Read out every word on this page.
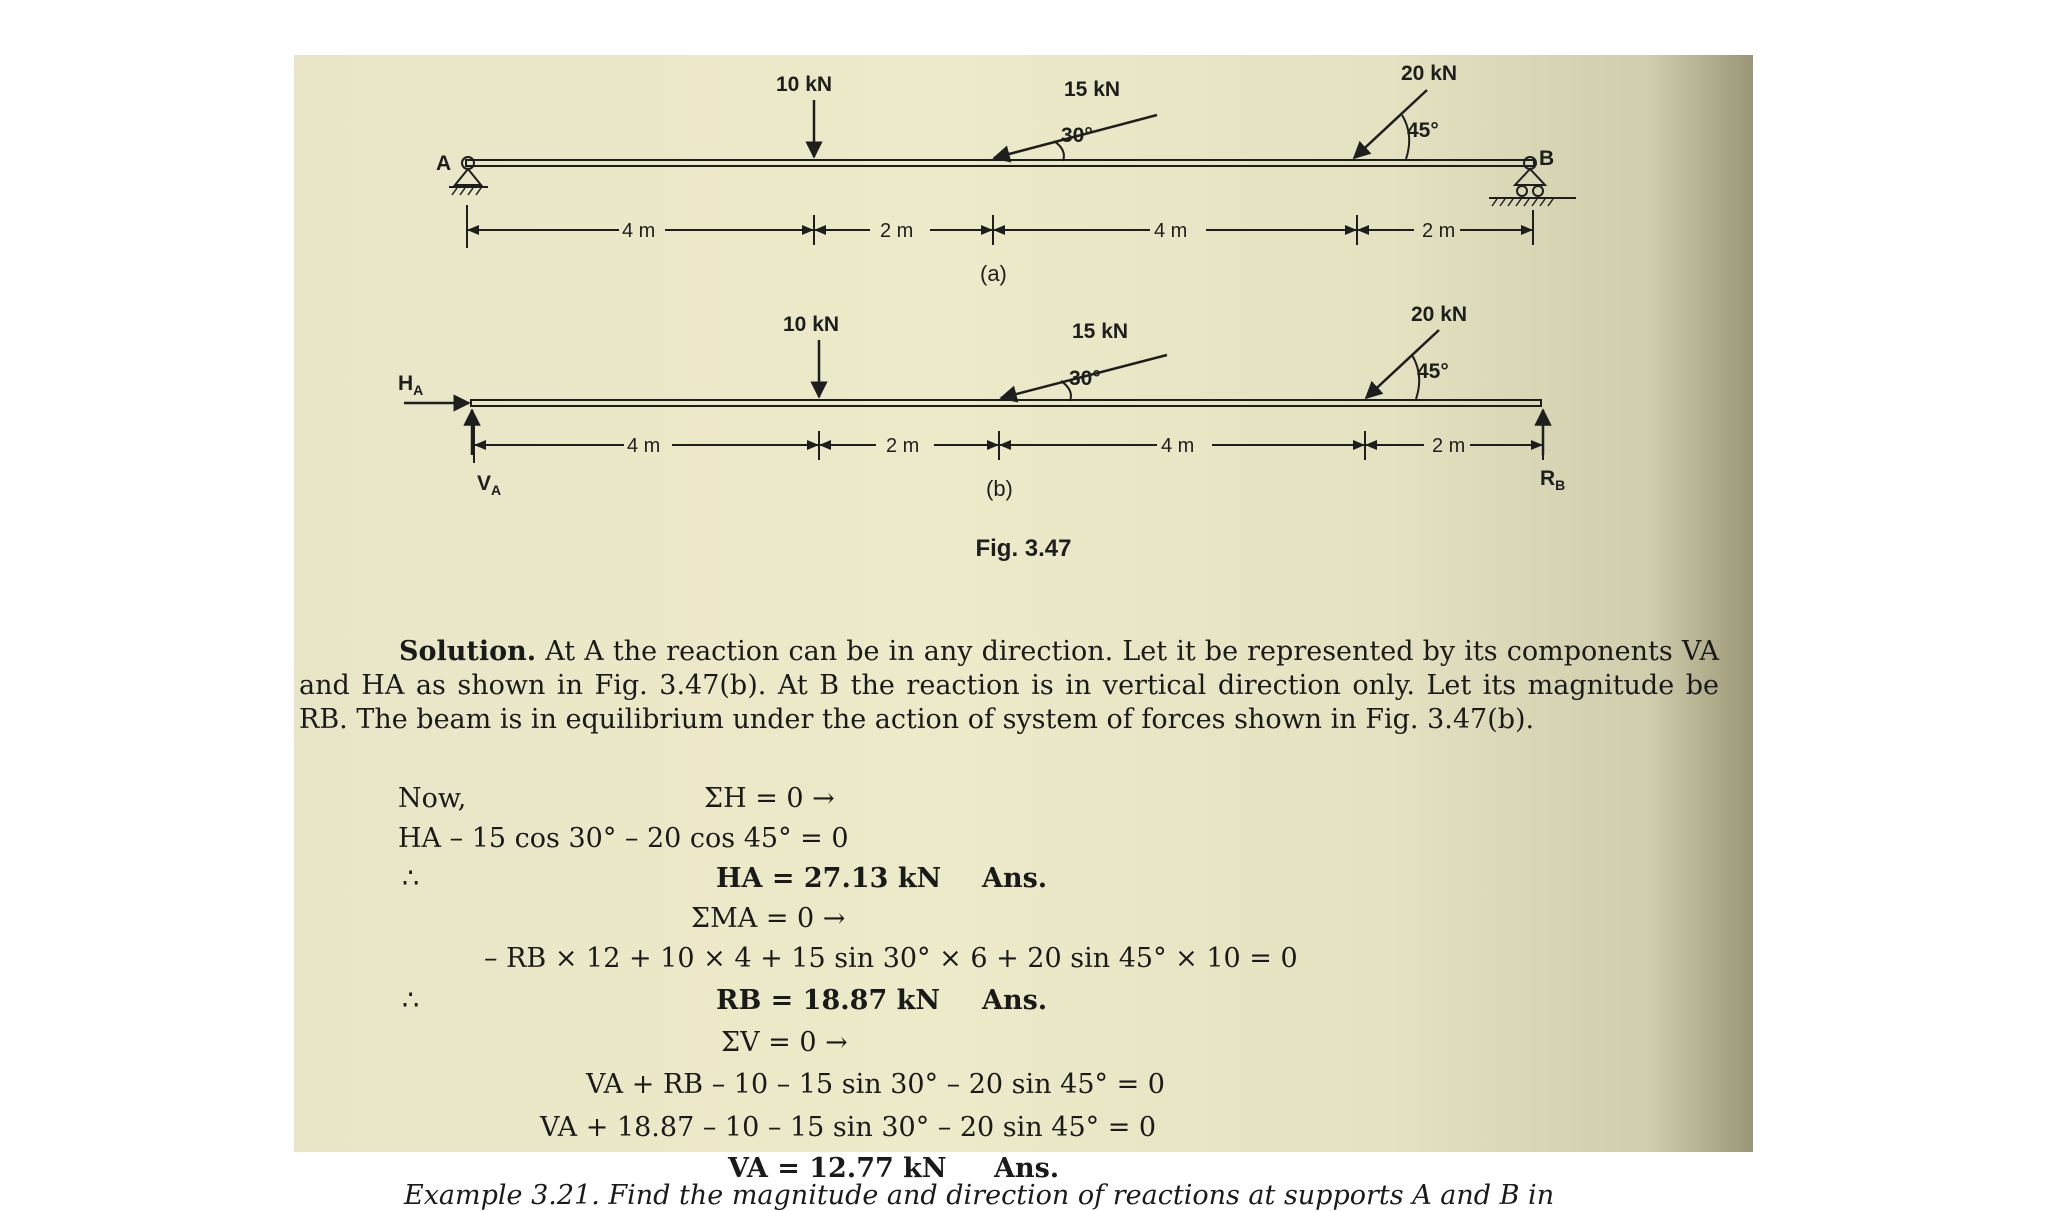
A	B
10 kN	15 kN
30°
20 kN
45°
4 m	2 m	4 m	2 m
(a)
$H_A$
$V_A$	$R_B$
10 kN	15 kN
30°
20 kN
45°
4 m	2 m	4 m	2 m
(b)
Fig. 3.47

Solution. At A the reaction can be in any direction. Let it be represented by its components VA and HA as shown in Fig. 3.47(b). At B the reaction is in vertical direction only. Let its magnitude be RB. The beam is in equilibrium under the action of system of forces shown in Fig. 3.47(b).

Now,	ΣH = 0 →
HA – 15 cos 30° – 20 cos 45° = 0
∴	HA = 27.13 kN Ans.
ΣMA = 0 →
– RB × 12 + 10 × 4 + 15 sin 30° × 6 + 20 sin 45° × 10 = 0
∴	RB = 18.87 kN Ans.
ΣV = 0 →
VA + RB – 10 – 15 sin 30° – 20 sin 45° = 0
VA + 18.87 – 10 – 15 sin 30° – 20 sin 45° = 0
VA = 12.77 kN Ans.
Example 3.21. Find the magnitude and direction of reactions at supports A and B in
